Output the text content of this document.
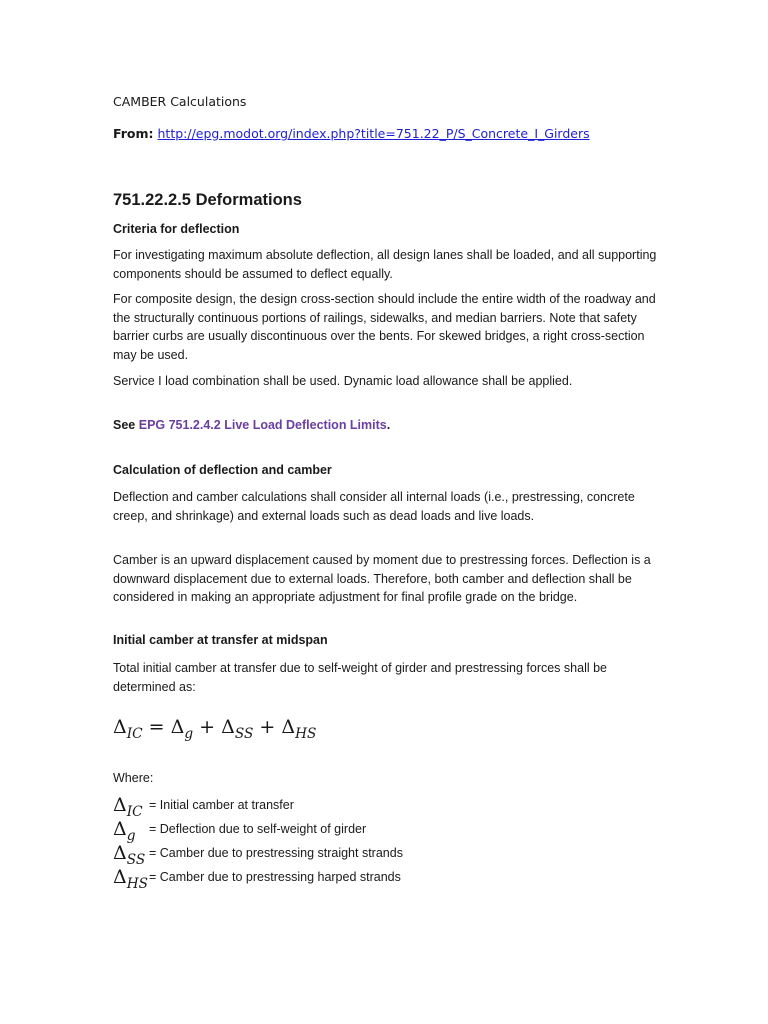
CAMBER Calculations
From: http://epg.modot.org/index.php?title=751.22_P/S_Concrete_I_Girders
751.22.2.5 Deformations
Criteria for deflection

For investigating maximum absolute deflection, all design lanes shall be loaded, and all supporting components should be assumed to deflect equally.

For composite design, the design cross-section should include the entire width of the roadway and the structurally continuous portions of railings, sidewalks, and median barriers. Note that safety barrier curbs are usually discontinuous over the bents. For skewed bridges, a right cross-section may be used.

Service I load combination shall be used. Dynamic load allowance shall be applied.

See EPG 751.2.4.2 Live Load Deflection Limits.
Calculation of deflection and camber

Deflection and camber calculations shall consider all internal loads (i.e., prestressing, concrete creep, and shrinkage) and external loads such as dead loads and live loads.

Camber is an upward displacement caused by moment due to prestressing forces. Deflection is a downward displacement due to external loads. Therefore, both camber and deflection shall be considered in making an appropriate adjustment for final profile grade on the bridge.

Initial camber at transfer at midspan

Total initial camber at transfer due to self-weight of girder and prestressing forces shall be determined as:

$\Delta_{IC} = \Delta_g + \Delta_{SS} + \Delta_{HS}$
Where:
$\Delta_{IC}$ = Initial camber at transfer
$\Delta_g$ = Deflection due to self-weight of girder
$\Delta_{SS}$ = Camber due to prestressing straight strands
$\Delta_{HS}=$ Camber due to prestressing harped strands
